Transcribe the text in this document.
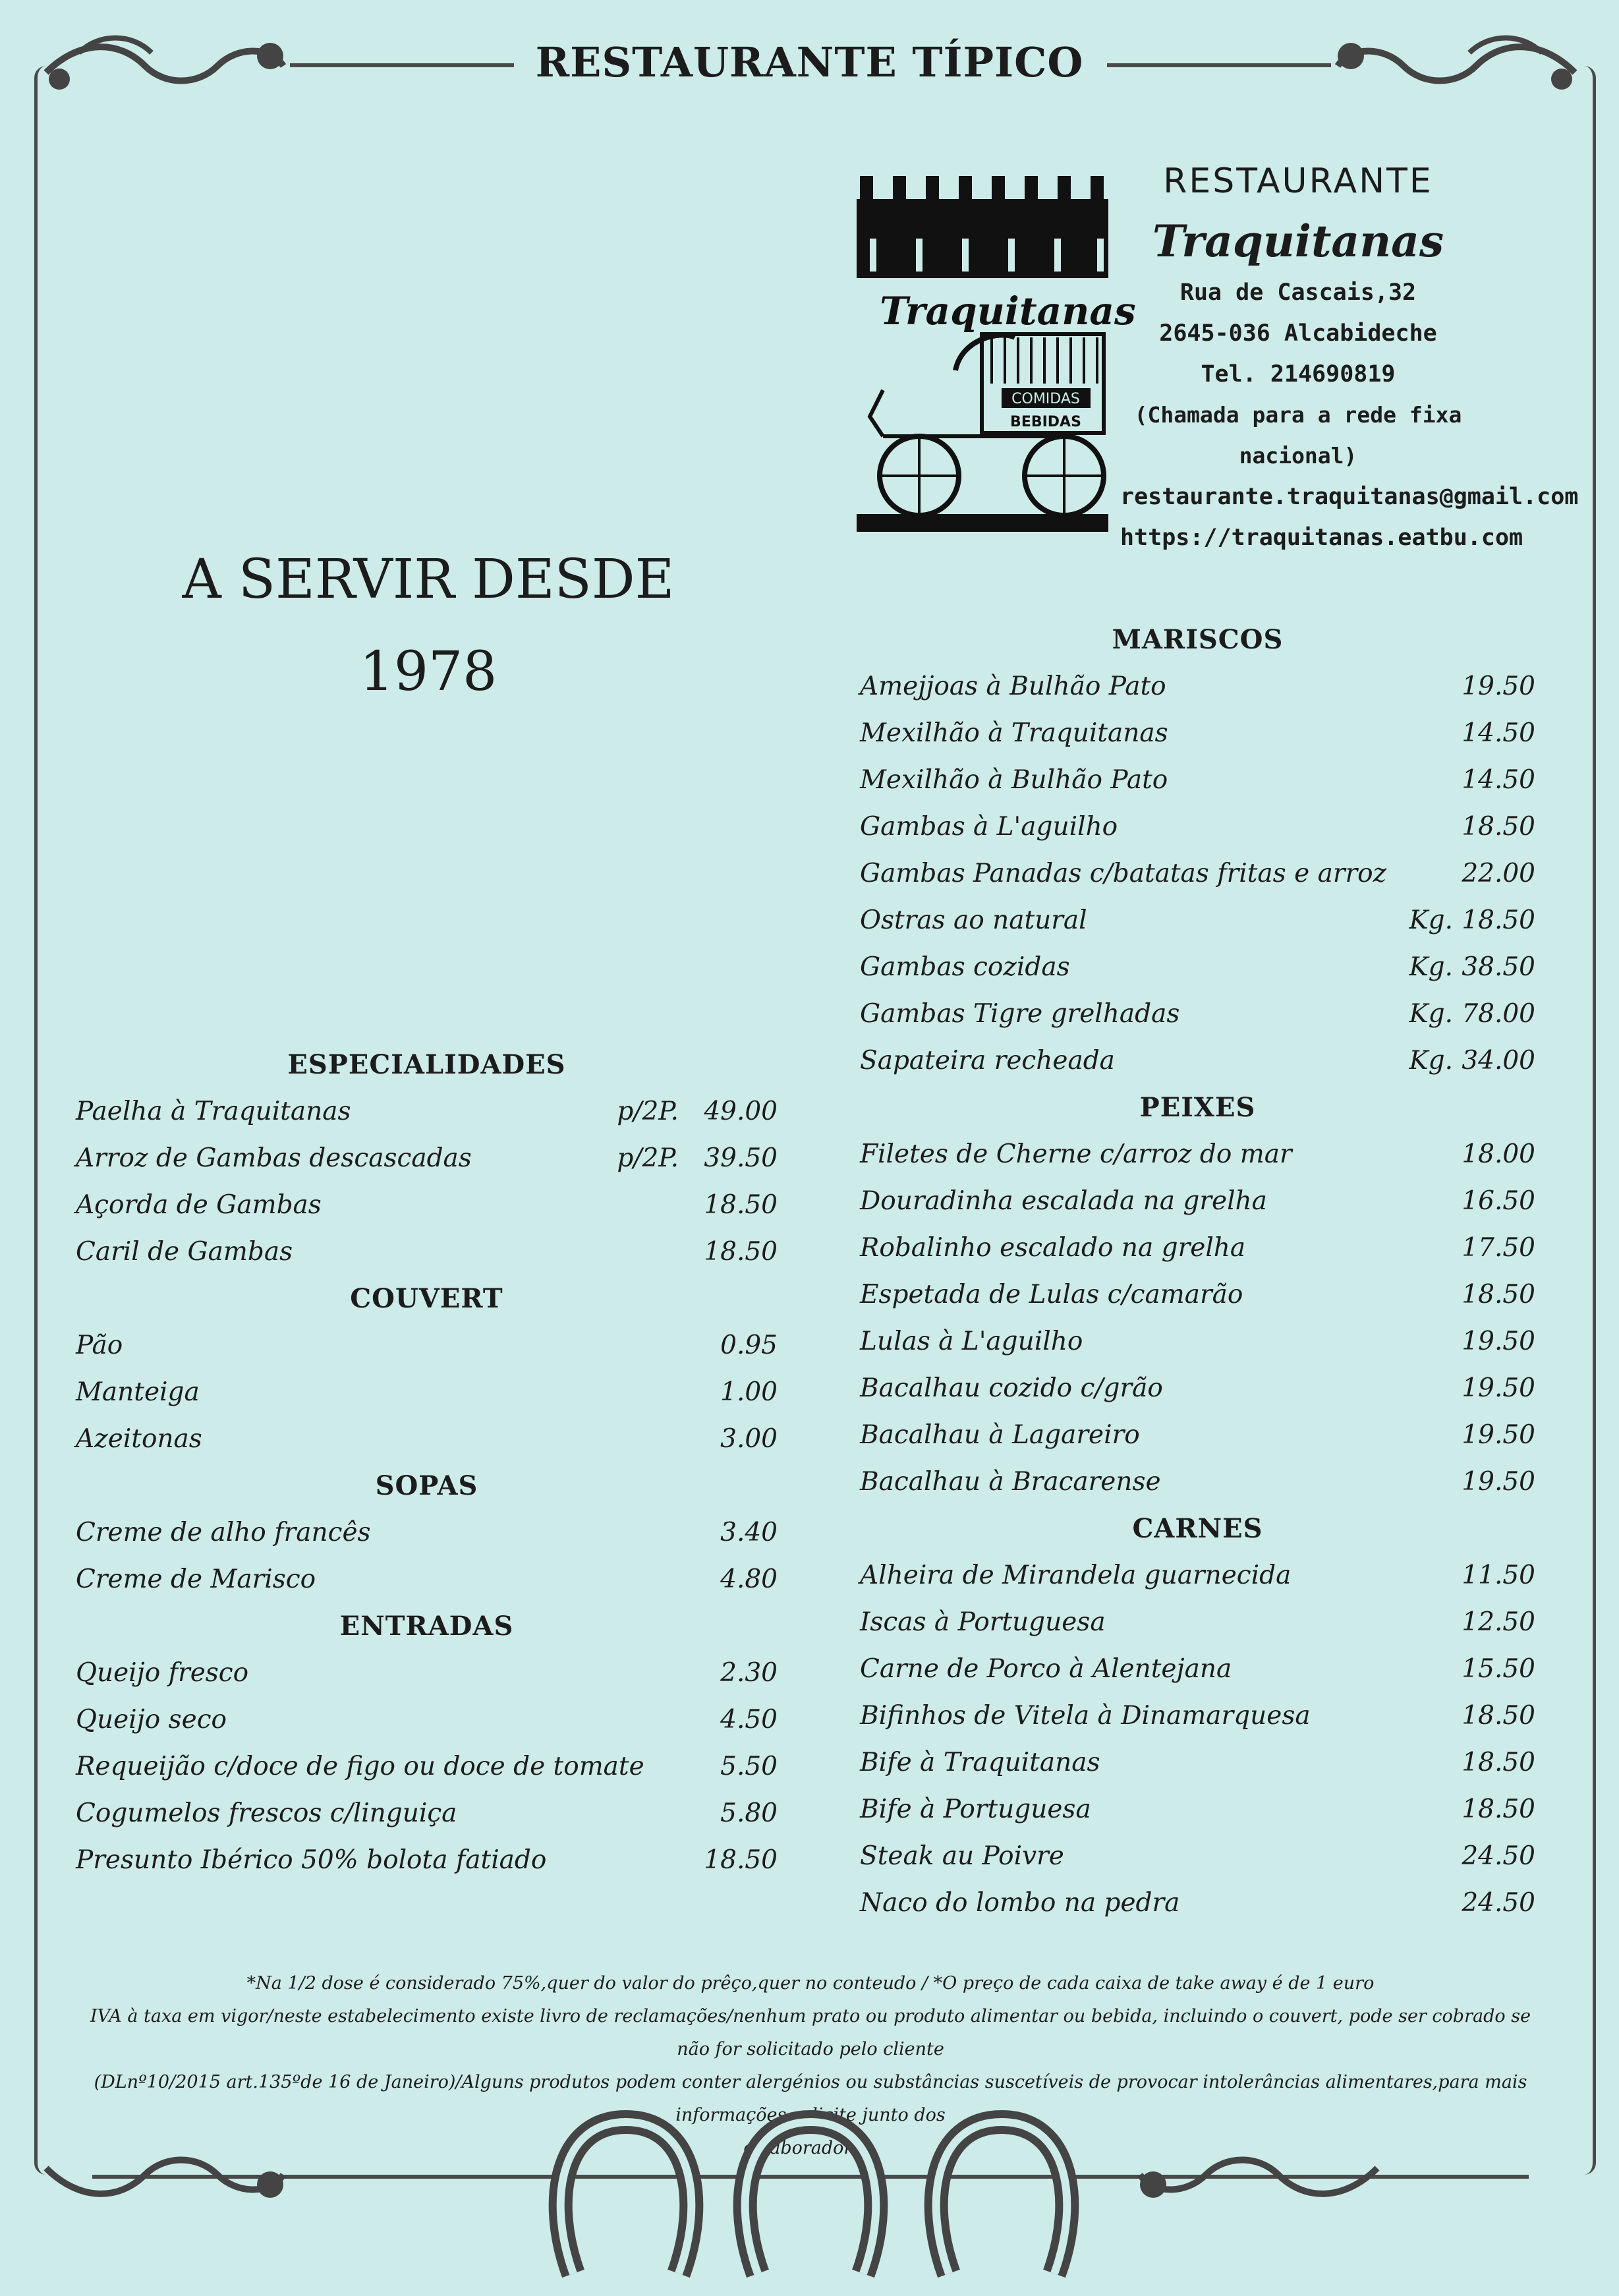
RESTAURANTE TÍPICO
Traquitanas
COMIDAS
BEBIDAS
RESTAURANTE
Traquitanas
Rua de Cascais,32
2645-036 Alcabideche
Tel. 214690819
(Chamada para a rede fixa nacional)
restaurante.traquitanas@gmail.com
https://traquitanas.eatbu.com
A SERVIR DESDE
1978
ESPECIALIDADES
Paelha à Traquitanas	p/2P. 49.00
Arroz de Gambas descascadas	p/2P. 39.50
Açorda de Gambas	18.50
Caril de Gambas	18.50
COUVERT
Pão	0.95
Manteiga	1.00
Azeitonas	3.00
SOPAS
Creme de alho francês	3.40
Creme de Marisco	4.80
ENTRADAS
Queijo fresco	2.30
Queijo seco	4.50
Requeijão c/doce de figo ou doce de tomate	5.50
Cogumelos frescos c/linguiça	5.80
Presunto Ibérico 50% bolota fatiado	18.50
MARISCOS
Amejjoas à Bulhão Pato	19.50
Mexilhão à Traquitanas	14.50
Mexilhão à Bulhão Pato	14.50
Gambas à L'aguilho	18.50
Gambas Panadas c/batatas fritas e arroz	22.00
Ostras ao natural	Kg. 18.50
Gambas cozidas	Kg. 38.50
Gambas Tigre grelhadas	Kg. 78.00
Sapateira recheada	Kg. 34.00
PEIXES
Filetes de Cherne c/arroz do mar	18.00
Douradinha escalada na grelha	16.50
Robalinho escalado na grelha	17.50
Espetada de Lulas c/camarão	18.50
Lulas à L'aguilho	19.50
Bacalhau cozido c/grão	19.50
Bacalhau à Lagareiro	19.50
Bacalhau à Bracarense	19.50
CARNES
Alheira de Mirandela guarnecida	11.50
Iscas à Portuguesa	12.50
Carne de Porco à Alentejana	15.50
Bifinhos de Vitela à Dinamarquesa	18.50
Bife à Traquitanas	18.50
Bife à Portuguesa	18.50
Steak au Poivre	24.50
Naco do lombo na pedra	24.50
*Na 1/2 dose é considerado 75%,quer do valor do prêço,quer no conteudo / *O preço de cada caixa de take away é de 1 euro
IVA à taxa em vigor/neste estabelecimento existe livro de reclamações/nenhum prato ou produto alimentar ou bebida, incluindo o couvert, pode ser cobrado se não for solicitado pelo cliente
(DLnº10/2015 art.135ºde 16 de Janeiro)/Alguns produtos podem conter alergénios ou substâncias suscetíveis de provocar intolerâncias alimentares,para mais informações solicite junto dos
colaboradores.
